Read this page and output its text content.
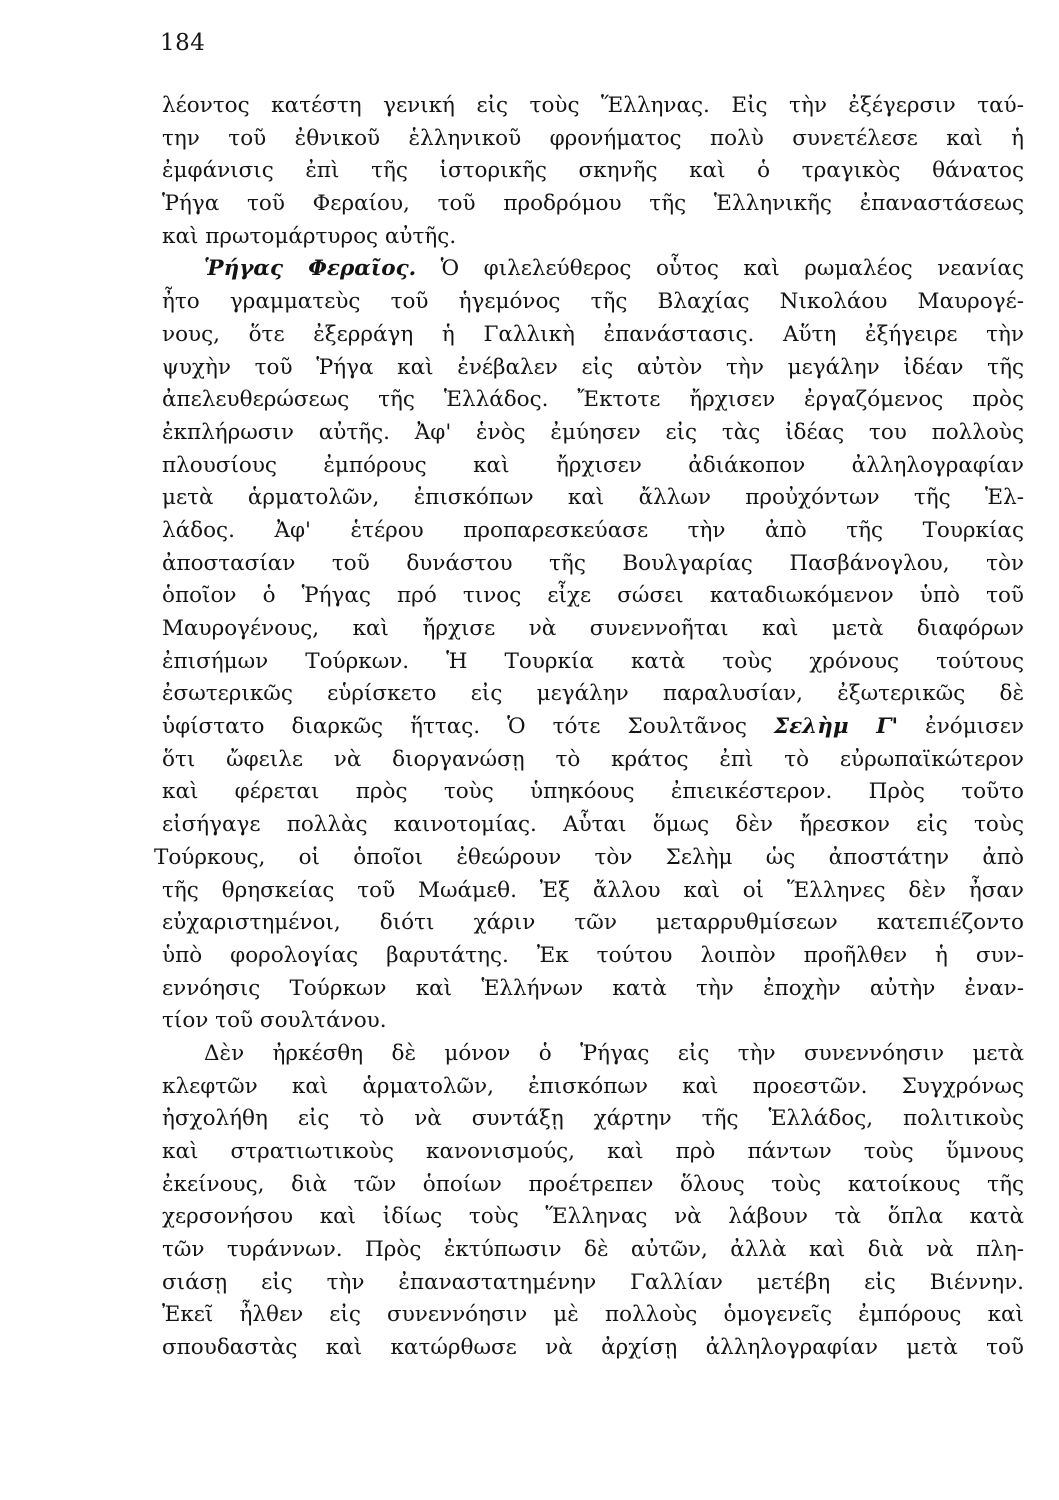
184
λέοντος κατέστη γενική εἰς τοὺς Ἕλληνας. Εἰς τὴν ἐξέγερσιν ταύ-
την τοῦ ἐθνικοῦ ἑλληνικοῦ φρονήματος πολὺ συνετέλεσε καὶ ἡ
ἐμφάνισις ἐπὶ τῆς ἱστορικῆς σκηνῆς καὶ ὁ τραγικὸς θάνατος
Ῥήγα τοῦ Φεραίου, τοῦ προδρόμου τῆς Ἑλληνικῆς ἐπαναστάσεως
καὶ πρωτομάρτυρος αὐτῆς.
Ῥήγας Φεραῖος. Ὁ φιλελεύθερος οὗτος καὶ ρωμαλέος νεανίας
ἦτο γραμματεὺς τοῦ ἡγεμόνος τῆς Βλαχίας Νικολάου Μαυρογέ-
νους, ὅτε ἐξερράγη ἡ Γαλλικὴ ἐπανάστασις. Αὕτη ἐξήγειρε τὴν
ψυχὴν τοῦ Ῥήγα καὶ ἐνέβαλεν εἰς αὐτὸν τὴν μεγάλην ἰδέαν τῆς
ἀπελευθερώσεως τῆς Ἑλλάδος. Ἔκτοτε ἤρχισεν ἐργαζόμενος πρὸς
ἐκπλήρωσιν αὐτῆς. Ἀφ' ἑνὸς ἐμύησεν εἰς τὰς ἰδέας του πολλοὺς
πλουσίους ἐμπόρους καὶ ἤρχισεν ἀδιάκοπον ἀλληλογραφίαν
μετὰ ἁρματολῶν, ἐπισκόπων καὶ ἄλλων προὐχόντων τῆς Ἑλ-
λάδος. Ἀφ' ἑτέρου προπαρεσκεύασε τὴν ἀπὸ τῆς Τουρκίας
ἀποστασίαν τοῦ δυνάστου τῆς Βουλγαρίας Πασβάνογλου, τὸν
ὁποῖον ὁ Ῥήγας πρό τινος εἶχε σώσει καταδιωκόμενον ὑπὸ τοῦ
Μαυρογένους, καὶ ἤρχισε νὰ συνεννοῆται καὶ μετὰ διαφόρων
ἐπισήμων Τούρκων. Ἡ Τουρκία κατὰ τοὺς χρόνους τούτους
ἐσωτερικῶς εὑρίσκετο εἰς μεγάλην παραλυσίαν, ἐξωτερικῶς δὲ
ὑφίστατο διαρκῶς ἥττας. Ὁ τότε Σουλτᾶνος Σελὴμ Γ' ἐνόμισεν
ὅτι ὤφειλε νὰ διοργανώσῃ τὸ κράτος ἐπὶ τὸ εὐρωπαϊκώτερον
καὶ φέρεται πρὸς τοὺς ὑπηκόους ἐπιεικέστερον. Πρὸς τοῦτο
εἰσήγαγε πολλὰς καινοτομίας. Αὗται ὅμως δὲν ἤρεσκον εἰς τοὺς
Τούρκους, οἱ ὁποῖοι ἐθεώρουν τὸν Σελὴμ ὡς ἀποστάτην ἀπὸ
τῆς θρησκείας τοῦ Μωάμεθ. Ἐξ ἄλλου καὶ οἱ Ἕλληνες δὲν ἦσαν
εὐχαριστημένοι, διότι χάριν τῶν μεταρρυθμίσεων κατεπιέζοντο
ὑπὸ φορολογίας βαρυτάτης. Ἐκ τούτου λοιπὸν προῆλθεν ἡ συν-
εννόησις Τούρκων καὶ Ἑλλήνων κατὰ τὴν ἐποχὴν αὐτὴν ἐναν-
τίον τοῦ σουλτάνου.
Δὲν ἠρκέσθη δὲ μόνον ὁ Ῥήγας εἰς τὴν συνεννόησιν μετὰ
κλεφτῶν καὶ ἁρματολῶν, ἐπισκόπων καὶ προεστῶν. Συγχρόνως
ἠσχολήθη εἰς τὸ νὰ συντάξῃ χάρτην τῆς Ἑλλάδος, πολιτικοὺς
καὶ στρατιωτικοὺς κανονισμούς, καὶ πρὸ πάντων τοὺς ὕμνους
ἐκείνους, διὰ τῶν ὁποίων προέτρεπεν ὅλους τοὺς κατοίκους τῆς
χερσονήσου καὶ ἰδίως τοὺς Ἕλληνας νὰ λάβουν τὰ ὅπλα κατὰ
τῶν τυράννων. Πρὸς ἐκτύπωσιν δὲ αὐτῶν, ἀλλὰ καὶ διὰ νὰ πλη-
σιάσῃ εἰς τὴν ἐπαναστατημένην Γαλλίαν μετέβη εἰς Βιέννην.
Ἐκεῖ ἦλθεν εἰς συνεννόησιν μὲ πολλοὺς ὁμογενεῖς ἐμπόρους καὶ
σπουδαστὰς καὶ κατώρθωσε νὰ ἀρχίσῃ ἀλληλογραφίαν μετὰ τοῦ
